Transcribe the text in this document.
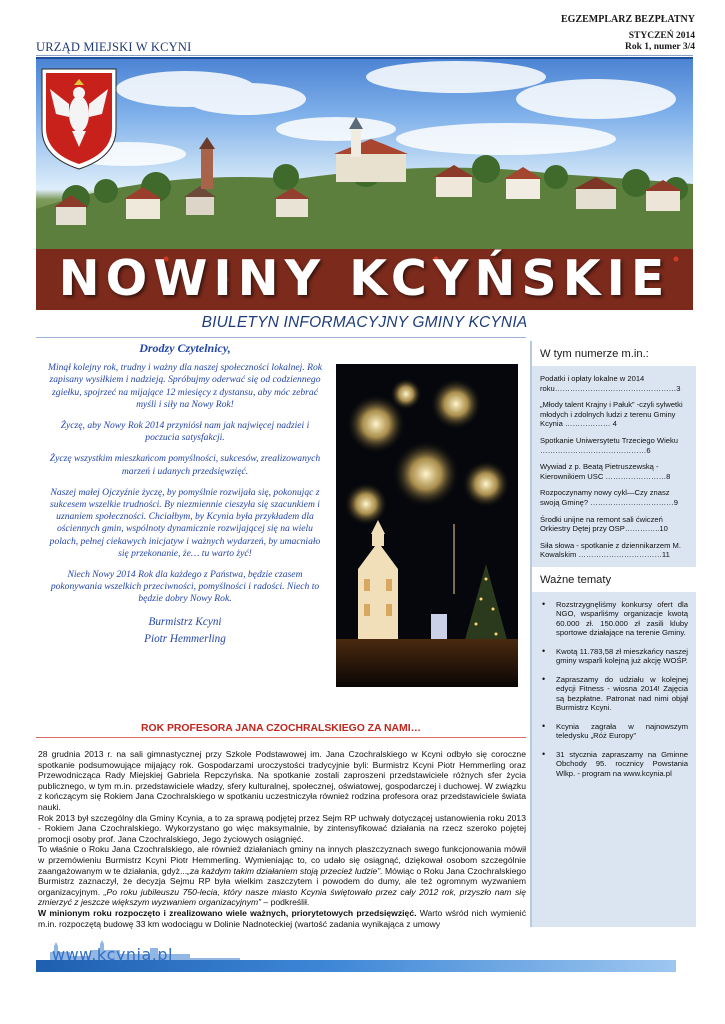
EGZEMPLARZ BEZPŁATNY
STYCZEŃ 2014
Rok 1, numer 3/4
URZĄD MIEJSKI W KCYNI
NOWINY KCYŃSKIE
BIULETYN INFORMACYJNY GMINY KCYNIA
Drodzy Czytelnicy,

Minął kolejny rok, trudny i ważny dla naszej społeczności lokalnej. Rok zapisany wysiłkiem i nadzieją. Spróbujmy oderwać się od codziennego zgiełku, spojrzeć na mijające 12 miesięcy z dystansu, aby móc zebrać myśli i siły na Nowy Rok!

Życzę, aby Nowy Rok 2014 przyniósł nam jak najwięcej nadziei i poczucia satysfakcji.

Życzę wszystkim mieszkańcom pomyślności, sukcesów, zrealizowanych marzeń i udanych przedsięwzięć.

Naszej małej Ojczyźnie życzę, by pomyślnie rozwijała się, pokonując z sukcesem wszelkie trudności. By niezmiennie cieszyła się szacunkiem i uznaniem społeczności. Chciałbym, by Kcynia była przykładem dla ościennych gmin, wspólnoty dynamicznie rozwijającej się na wielu polach, pełnej ciekawych inicjatyw i ważnych wydarzeń, by umacniało się przekonanie, że… tu warto żyć!

Niech Nowy 2014 Rok dla każdego z Państwa, będzie czasem pokonywania wszelkich przeciwności, pomyślności i radości. Niech to będzie dobry Nowy Rok.

Burmistrz Kcyni
Piotr Hemmerling
W tym numerze m.in.:
Podatki i opłaty lokalne w 2014 roku…………………………………………3
„Młody talent Krajny i Pałuk” -czyli sylwetki młodych i zdolnych ludzi z terenu Gminy Kcynia ……………… 4
Spotkanie Uniwersytetu Trzeciego Wieku ……………………………………6
Wywiad z p. Beatą Pietruszewską - Kierownikiem USC ……………………8
Rozpoczynamy nowy cykl—Czy znasz swoją Gminę? ……………………………9
Środki unijne na remont sali ćwiczeń Orkiestry Dętej przy OSP…………..10
Siła słowa - spotkanie z dziennikarzem M. Kowalskim ……………………………11
Ważne tematy
• Rozstrzygnęliśmy konkursy ofert dla NGO, wsparliśmy organizacje kwotą 60.000 zł. 150.000 zł zasili kluby sportowe działające na terenie Gminy.
• Kwotą 11.783,58 zł mieszkańcy naszej gminy wsparli kolejną już akcję WOŚP.
• Zapraszamy do udziału w kolejnej edycji Fitness - wiosna 2014! Zajęcia są bezpłatne. Patronat nad nimi objął Burmistrz Kcyni.
• Kcynia zagrała w najnowszym teledysku „Róż Europy”
• 31 stycznia zapraszamy na Gminne Obchody 95. rocznicy Powstania Wlkp. - program na www.kcynia.pl
ROK PROFESORA JANA CZOCHRALSKIEGO ZA NAMI…

28 grudnia 2013 r. na sali gimnastycznej przy Szkole Podstawowej im. Jana Czochralskiego w Kcyni odbyło się coroczne spotkanie podsumowujące mijający rok. Gospodarzami uroczystości tradycyjnie byli: Burmistrz Kcyni Piotr Hemmerling oraz Przewodnicząca Rady Miejskiej Gabriela Repczyńska. Na spotkanie zostali zaproszeni przedstawiciele różnych sfer życia publicznego, w tym m.in. przedstawiciele władzy, sfery kulturalnej, społecznej, oświatowej, gospodarczej i duchowej. W związku z kończącym się Rokiem Jana Czochralskiego w spotkaniu uczestniczyła również rodzina profesora oraz przedstawiciele świata nauki.

Rok 2013 był szczególny dla Gminy Kcynia, a to za sprawą podjętej przez Sejm RP uchwały dotyczącej ustanowienia roku 2013 - Rokiem Jana Czochralskiego. Wykorzystano go więc maksymalnie, by zintensyfikować działania na rzecz szeroko pojętej promocji osoby prof. Jana Czochralskiego, Jego życiowych osiągnięć.

To właśnie o Roku Jana Czochralskiego, ale również działaniach gminy na innych płaszczyznach swego funkcjonowania mówił w przemówieniu Burmistrz Kcyni Piotr Hemmerling. Wymieniając to, co udało się osiągnąć, dziękował osobom szczególnie zaangażowanym w te działania, gdyż...„za każdym takim działaniem stoją przecież ludzie”. Mówiąc o Roku Jana Czochralskiego Burmistrz zaznaczył, że decyzja Sejmu RP była wielkim zaszczytem i powodem do dumy, ale też ogromnym wyzwaniem organizacyjnym. „Po roku jubileuszu 750-lecia, który nasze miasto Kcynia świętowało przez cały 2012 rok, przyszło nam się zmierzyć z jeszcze większym wyzwaniem organizacyjnym” – podkreślił.

W minionym roku rozpoczęto i zrealizowano wiele ważnych, priorytetowych przedsięwzięć. Warto wśród nich wymienić m.in. rozpoczętą budowę 33 km wodociągu w Dolinie Nadnoteckiej (wartość zadania wynikająca z umowy

www.kcynia.pl
